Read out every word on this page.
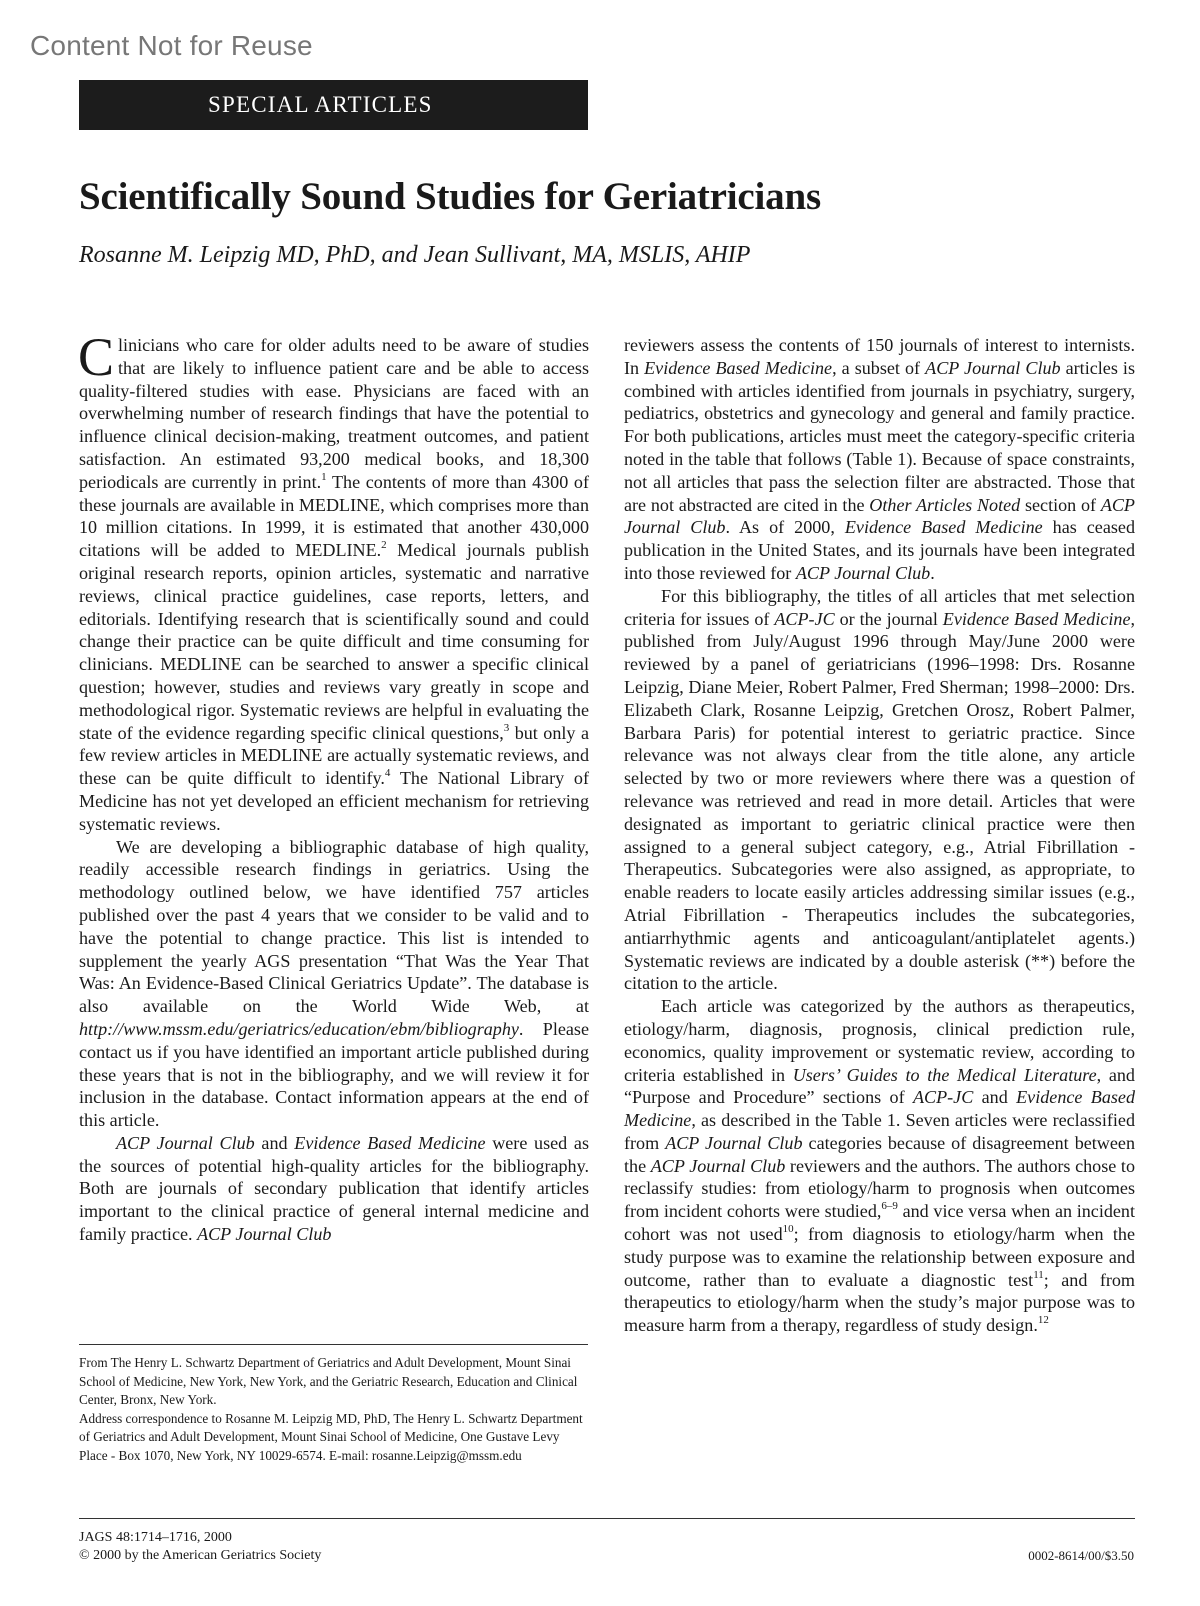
Content Not for Reuse
SPECIAL ARTICLES
Scientifically Sound Studies for Geriatricians
Rosanne M. Leipzig MD, PhD, and Jean Sullivant, MA, MSLIS, AHIP

Clinicians who care for older adults need to be aware of studies that are likely to influence patient care and be able to access quality-filtered studies with ease. Physicians are faced with an overwhelming number of research findings that have the potential to influence clinical decision-making, treatment outcomes, and patient satisfaction. An estimated 93,200 medical books, and 18,300 periodicals are currently in print.$^1$ The contents of more than 4300 of these journals are available in MEDLINE, which comprises more than 10 million citations. In 1999, it is estimated that another 430,000 citations will be added to MEDLINE.$^2$ Medical journals publish original research reports, opinion articles, systematic and narrative reviews, clinical practice guidelines, case reports, letters, and editorials. Identifying research that is scientifically sound and could change their practice can be quite difficult and time consuming for clinicians. MEDLINE can be searched to answer a specific clinical question; however, studies and reviews vary greatly in scope and methodological rigor. Systematic reviews are helpful in evaluating the state of the evidence regarding specific clinical questions,$^3$ but only a few review articles in MEDLINE are actually systematic reviews, and these can be quite difficult to identify.$^4$ The National Library of Medicine has not yet developed an efficient mechanism for retrieving systematic reviews.

We are developing a bibliographic database of high quality, readily accessible research findings in geriatrics. Using the methodology outlined below, we have identified 757 articles published over the past 4 years that we consider to be valid and to have the potential to change practice. This list is intended to supplement the yearly AGS presentation “That Was the Year That Was: An Evidence-Based Clinical Geriatrics Update”. The database is also available on the World Wide Web, at http://www.mssm.edu/geriatrics/education/ebm/bibliography. Please contact us if you have identified an important article published during these years that is not in the bibliography, and we will review it for inclusion in the database. Contact information appears at the end of this article.

ACP Journal Club and Evidence Based Medicine were used as the sources of potential high-quality articles for the bibliography. Both are journals of secondary publication that identify articles important to the clinical practice of general internal medicine and family practice. ACP Journal Club

reviewers assess the contents of 150 journals of interest to internists. In Evidence Based Medicine, a subset of ACP Journal Club articles is combined with articles identified from journals in psychiatry, surgery, pediatrics, obstetrics and gynecology and general and family practice. For both publications, articles must meet the category-specific criteria noted in the table that follows (Table 1). Because of space constraints, not all articles that pass the selection filter are abstracted. Those that are not abstracted are cited in the Other Articles Noted section of ACP Journal Club. As of 2000, Evidence Based Medicine has ceased publication in the United States, and its journals have been integrated into those reviewed for ACP Journal Club.

For this bibliography, the titles of all articles that met selection criteria for issues of ACP-JC or the journal Evidence Based Medicine, published from July/August 1996 through May/June 2000 were reviewed by a panel of geriatricians (1996–1998: Drs. Rosanne Leipzig, Diane Meier, Robert Palmer, Fred Sherman; 1998–2000: Drs. Elizabeth Clark, Rosanne Leipzig, Gretchen Orosz, Robert Palmer, Barbara Paris) for potential interest to geriatric practice. Since relevance was not always clear from the title alone, any article selected by two or more reviewers where there was a question of relevance was retrieved and read in more detail. Articles that were designated as important to geriatric clinical practice were then assigned to a general subject category, e.g., Atrial Fibrillation - Therapeutics. Subcategories were also assigned, as appropriate, to enable readers to locate easily articles addressing similar issues (e.g., Atrial Fibrillation - Therapeutics includes the subcategories, antiarrhythmic agents and anticoagulant/antiplatelet agents.) Systematic reviews are indicated by a double asterisk (**) before the citation to the article.

Each article was categorized by the authors as therapeutics, etiology/harm, diagnosis, prognosis, clinical prediction rule, economics, quality improvement or systematic review, according to criteria established in Users’ Guides to the Medical Literature, and “Purpose and Procedure” sections of ACP-JC and Evidence Based Medicine, as described in the Table 1. Seven articles were reclassified from ACP Journal Club categories because of disagreement between the ACP Journal Club reviewers and the authors. The authors chose to reclassify studies: from etiology/harm to prognosis when outcomes from incident cohorts were studied,$^{6-9}$ and vice versa when an incident cohort was not used$^{10}$; from diagnosis to etiology/harm when the study purpose was to examine the relationship between exposure and outcome, rather than to evaluate a diagnostic test$^{11}$; and from therapeutics to etiology/harm when the study’s major purpose was to measure harm from a therapy, regardless of study design.$^{12}$

From The Henry L. Schwartz Department of Geriatrics and Adult Development, Mount Sinai School of Medicine, New York, New York, and the Geriatric Research, Education and Clinical Center, Bronx, New York.

Address correspondence to Rosanne M. Leipzig MD, PhD, The Henry L. Schwartz Department of Geriatrics and Adult Development, Mount Sinai School of Medicine, One Gustave Levy Place - Box 1070, New York, NY 10029-6574. E-mail: rosanne.Leipzig@mssm.edu

JAGS 48:1714–1716, 2000
© 2000 by the American Geriatrics Society	0002-8614/00/$3.50
